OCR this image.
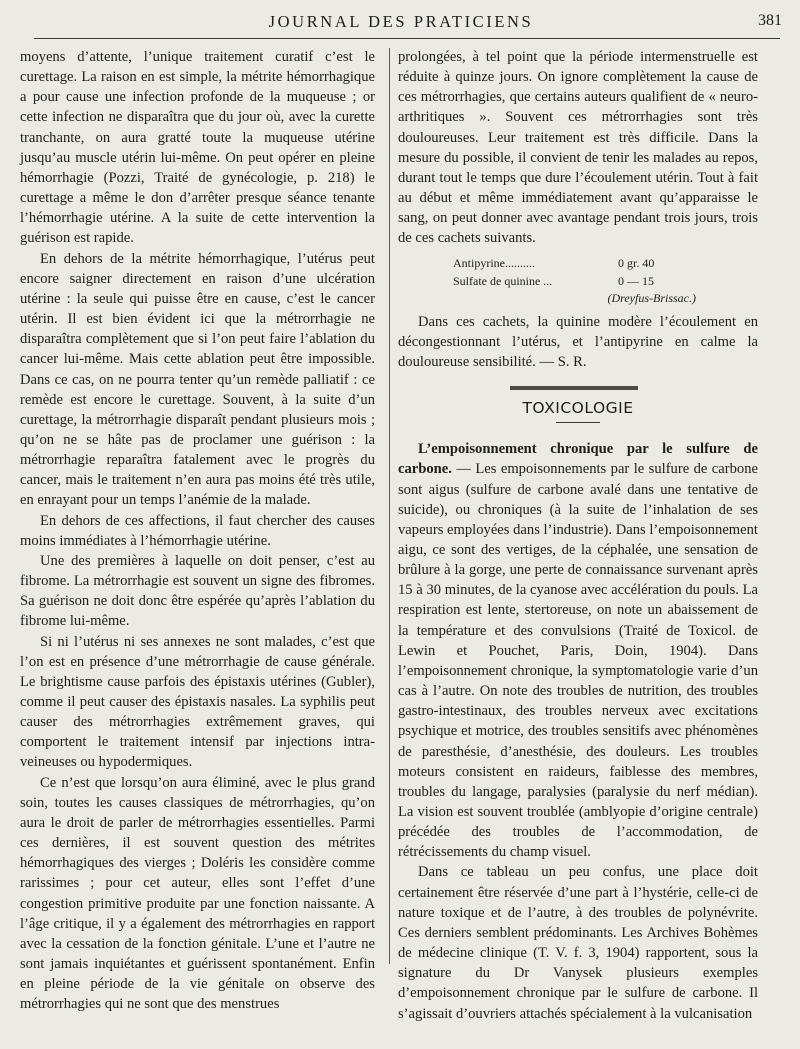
JOURNAL DES PRATICIENS	381

moyens d’attente, l’unique traitement curatif c’est le curettage. La raison en est simple, la métrite hémorrhagique a pour cause une infection profonde de la muqueuse ; or cette infection ne disparaîtra que du jour où, avec la curette tranchante, on aura gratté toute la muqueuse utérine jusqu’au muscle utérin lui-même. On peut opérer en pleine hémorrhagie (Pozzi, Traité de gynécologie, p. 218) le curettage a même le don d’arrêter presque séance tenante l’hémorrhagie utérine. A la suite de cette intervention la guérison est rapide.

En dehors de la métrite hémorrhagique, l’utérus peut encore saigner directement en raison d’une ulcération utérine : la seule qui puisse être en cause, c’est le cancer utérin. Il est bien évident ici que la métrorrhagie ne disparaîtra complètement que si l’on peut faire l’ablation du cancer lui-même. Mais cette ablation peut être impossible. Dans ce cas, on ne pourra tenter qu’un remède palliatif : ce remède est encore le curettage. Souvent, à la suite d’un curettage, la métrorrhagie disparaît pendant plusieurs mois ; qu’on ne se hâte pas de proclamer une guérison : la métrorrhagie reparaîtra fatalement avec le progrès du cancer, mais le traitement n’en aura pas moins été très utile, en enrayant pour un temps l’anémie de la malade.

En dehors de ces affections, il faut chercher des causes moins immédiates à l’hémorrhagie utérine.

Une des premières à laquelle on doit penser, c’est au fibrome. La métrorrhagie est souvent un signe des fibromes. Sa guérison ne doit donc être espérée qu’après l’ablation du fibrome lui-même.

Si ni l’utérus ni ses annexes ne sont malades, c’est que l’on est en présence d’une métrorrhagie de cause générale. Le brightisme cause parfois des épistaxis utérines (Gubler), comme il peut causer des épistaxis nasales. La syphilis peut causer des métrorrhagies extrêmement graves, qui comportent le traitement intensif par injections intra-veineuses ou hypodermiques.

Ce n’est que lorsqu’on aura éliminé, avec le plus grand soin, toutes les causes classiques de métrorrhagies, qu’on aura le droit de parler de métrorrhagies essentielles. Parmi ces dernières, il est souvent question des métrites hémorrhagiques des vierges ; Doléris les considère comme rarissimes ; pour cet auteur, elles sont l’effet d’une congestion primitive produite par une fonction naissante. A l’âge critique, il y a également des métrorrhagies en rapport avec la cessation de la fonction génitale. L’une et l’autre ne sont jamais inquiétantes et guérissent spontanément. Enfin en pleine période de la vie génitale on observe des métrorrhagies qui ne sont que des menstrues

prolongées, à tel point que la période intermenstruelle est réduite à quinze jours. On ignore complètement la cause de ces métrorrhagies, que certains auteurs qualifient de « neuro-arthritiques ». Souvent ces métrorrhagies sont très douloureuses. Leur traitement est très difficile. Dans la mesure du possible, il convient de tenir les malades au repos, durant tout le temps que dure l’écoulement utérin. Tout à fait au début et même immédiatement avant qu’apparaisse le sang, on peut donner avec avantage pendant trois jours, trois de ces cachets suivants.

Antipyrine..........	0 gr. 40
Sulfate de quinine ...	0 — 15
(Dreyfus-Brissac.)

Dans ces cachets, la quinine modère l’écoulement en décongestionnant l’utérus, et l’antipyrine en calme la douloureuse sensibilité. — S. R.

TOXICOLOGIE

L’empoisonnement chronique par le sulfure de carbone. — Les empoisonnements par le sulfure de carbone sont aigus (sulfure de carbone avalé dans une tentative de suicide), ou chroniques (à la suite de l’inhalation de ses vapeurs employées dans l’industrie). Dans l’empoisonnement aigu, ce sont des vertiges, de la céphalée, une sensation de brûlure à la gorge, une perte de connaissance survenant après 15 à 30 minutes, de la cyanose avec accélération du pouls. La respiration est lente, stertoreuse, on note un abaissement de la température et des convulsions (Traité de Toxicol. de Lewin et Pouchet, Paris, Doin, 1904). Dans l’empoisonnement chronique, la symptomatologie varie d’un cas à l’autre. On note des troubles de nutrition, des troubles gastro-intestinaux, des troubles nerveux avec excitations psychique et motrice, des troubles sensitifs avec phénomènes de paresthésie, d’anesthésie, des douleurs. Les troubles moteurs consistent en raideurs, faiblesse des membres, troubles du langage, paralysies (paralysie du nerf médian). La vision est souvent troublée (amblyopie d’origine centrale) précédée des troubles de l’accommodation, de rétrécissements du champ visuel.

Dans ce tableau un peu confus, une place doit certainement être réservée d’une part à l’hystérie, celle-ci de nature toxique et de l’autre, à des troubles de polynévrite. Ces derniers semblent prédominants. Les Archives Bohèmes de médecine clinique (T. V. f. 3, 1904) rapportent, sous la signature du Dr Vanysek plusieurs exemples d’empoisonnement chronique par le sulfure de carbone. Il s’agissait d’ouvriers attachés spécialement à la vulcanisation
